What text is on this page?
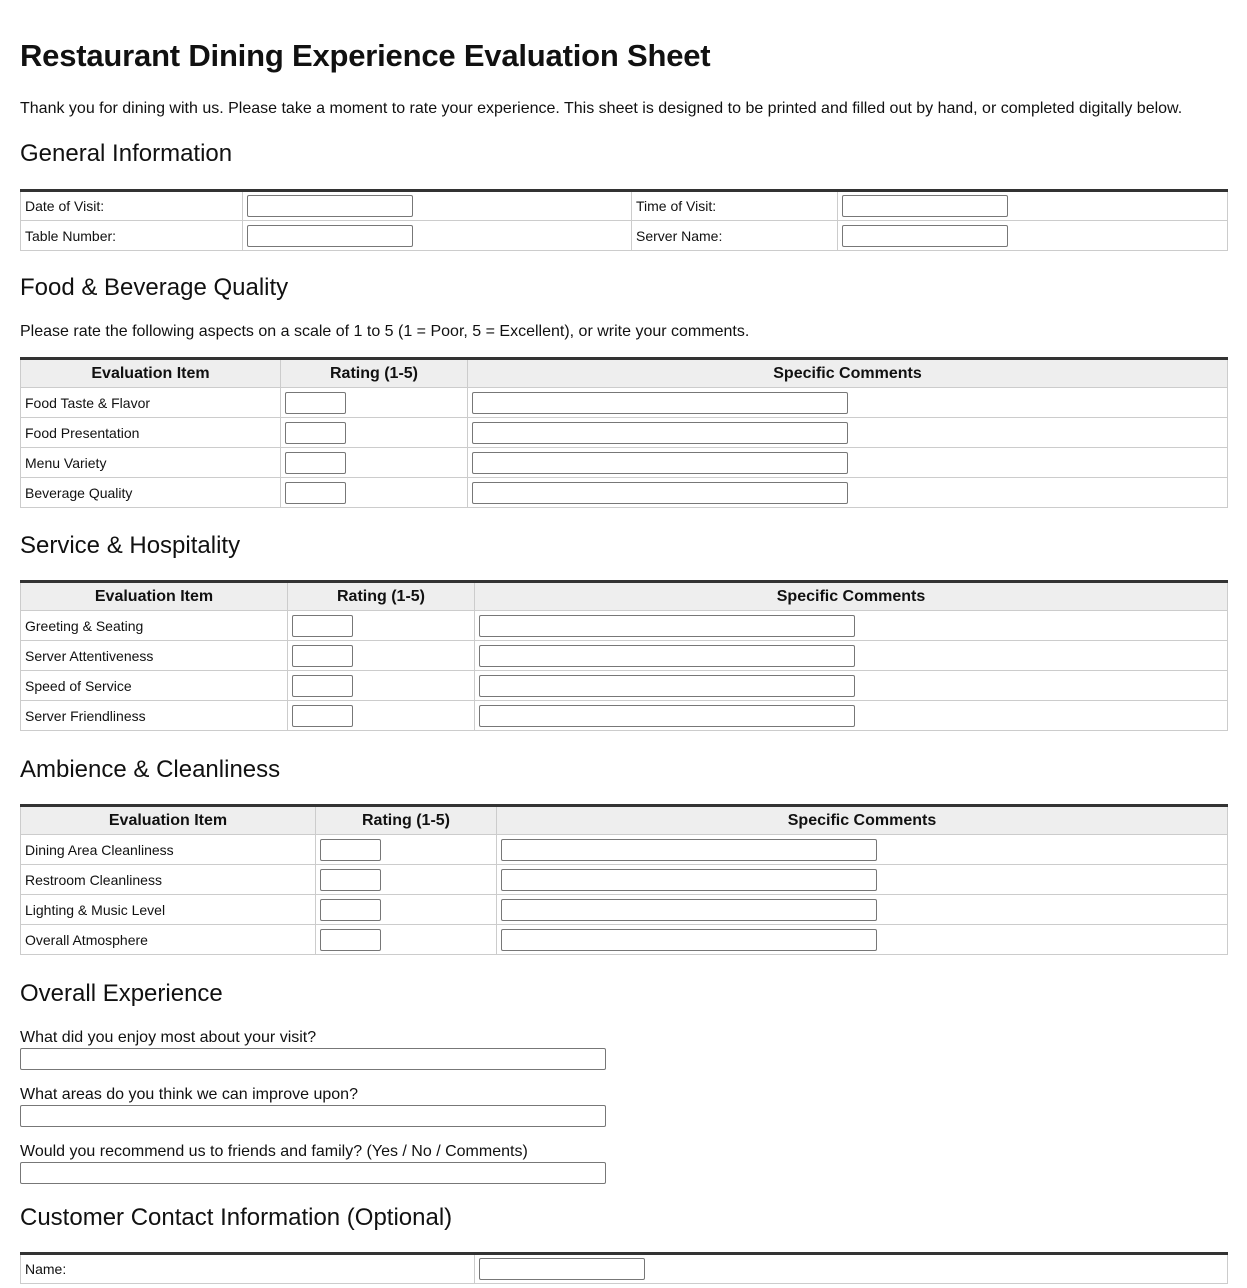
Restaurant Dining Experience Evaluation Sheet

Thank you for dining with us. Please take a moment to rate your experience. This sheet is designed to be printed and filled out by hand, or completed digitally below.

General Information
Date of Visit:		Time of Visit:	

Table Number:		Server Name:	
Food & Beverage Quality

Please rate the following aspects on a scale of 1 to 5 (1 = Poor, 5 = Excellent), or write your comments.

Evaluation Item	Rating (1-5)	Specific Comments
Food Taste & Flavor	

Food Presentation	

Menu Variety	

Beverage Quality	

Service & Hospitality
Evaluation Item	Rating (1-5)	Specific Comments
Greeting & Seating	

Server Attentiveness	

Speed of Service	

Server Friendliness	

Ambience & Cleanliness
Evaluation Item	Rating (1-5)	Specific Comments
Dining Area Cleanliness	

Restroom Cleanliness	

Lighting & Music Level	

Overall Atmosphere	

Overall Experience

What did you enjoy most about your visit?

What areas do you think we can improve upon?

Would you recommend us to friends and family? (Yes / No / Comments)

Customer Contact Information (Optional)
Name:	
